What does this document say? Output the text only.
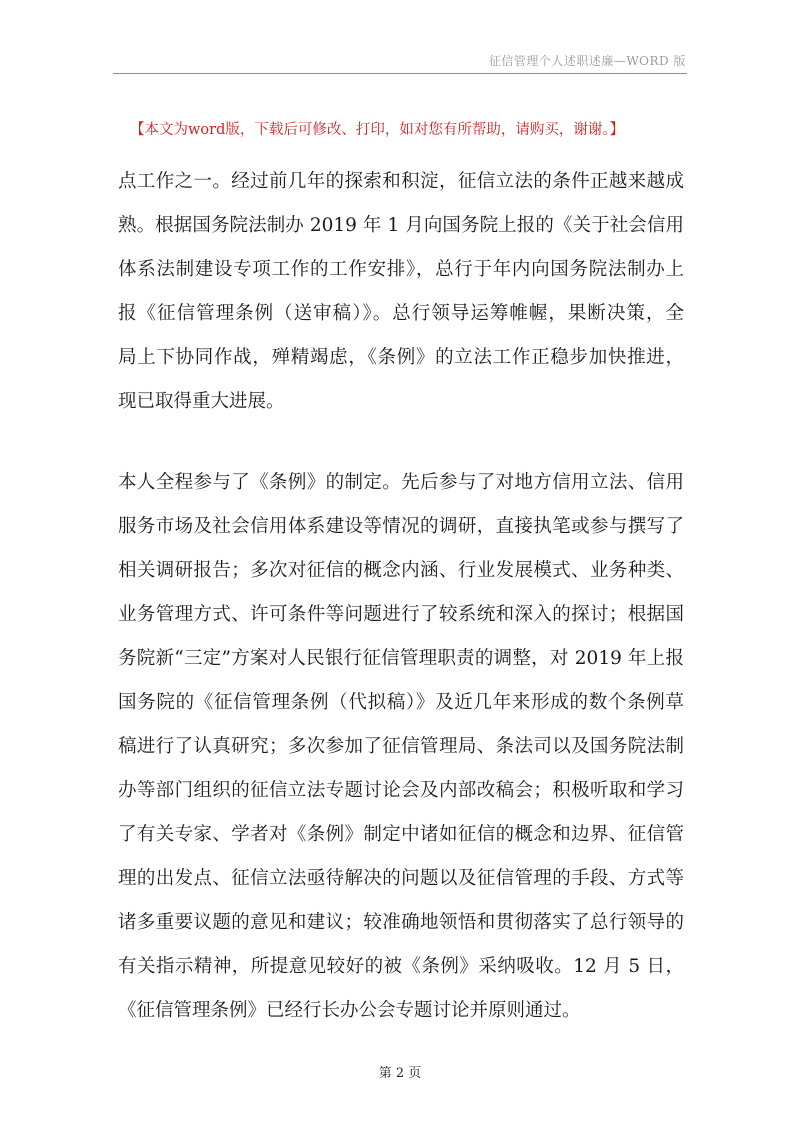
征信管理个人述职述廉—WORD 版
【本文为word版，下载后可修改、打印，如对您有所帮助，请购买，谢谢。】
点工作之一。经过前几年的探索和积淀，征信立法的条件正越来越成
熟。根据国务院法制办 2019 年 1 月向国务院上报的《关于社会信用
体系法制建设专项工作的工作安排》，总行于年内向国务院法制办上
报《征信管理条例（送审稿）》。总行领导运筹帷幄，果断决策，全
局上下协同作战，殚精竭虑，《条例》的立法工作正稳步加快推进，
现已取得重大进展。
本人全程参与了《条例》的制定。先后参与了对地方信用立法、信用
服务市场及社会信用体系建设等情况的调研，直接执笔或参与撰写了
相关调研报告；多次对征信的概念内涵、行业发展模式、业务种类、
业务管理方式、许可条件等问题进行了较系统和深入的探讨；根据国
务院新“三定”方案对人民银行征信管理职责的调整，对 2019 年上报
国务院的《征信管理条例（代拟稿）》及近几年来形成的数个条例草
稿进行了认真研究；多次参加了征信管理局、条法司以及国务院法制
办等部门组织的征信立法专题讨论会及内部改稿会；积极听取和学习
了有关专家、学者对《条例》制定中诸如征信的概念和边界、征信管
理的出发点、征信立法亟待解决的问题以及征信管理的手段、方式等
诸多重要议题的意见和建议；较准确地领悟和贯彻落实了总行领导的
有关指示精神，所提意见较好的被《条例》采纳吸收。12 月 5 日，
《征信管理条例》已经行长办公会专题讨论并原则通过。
第 2 页
